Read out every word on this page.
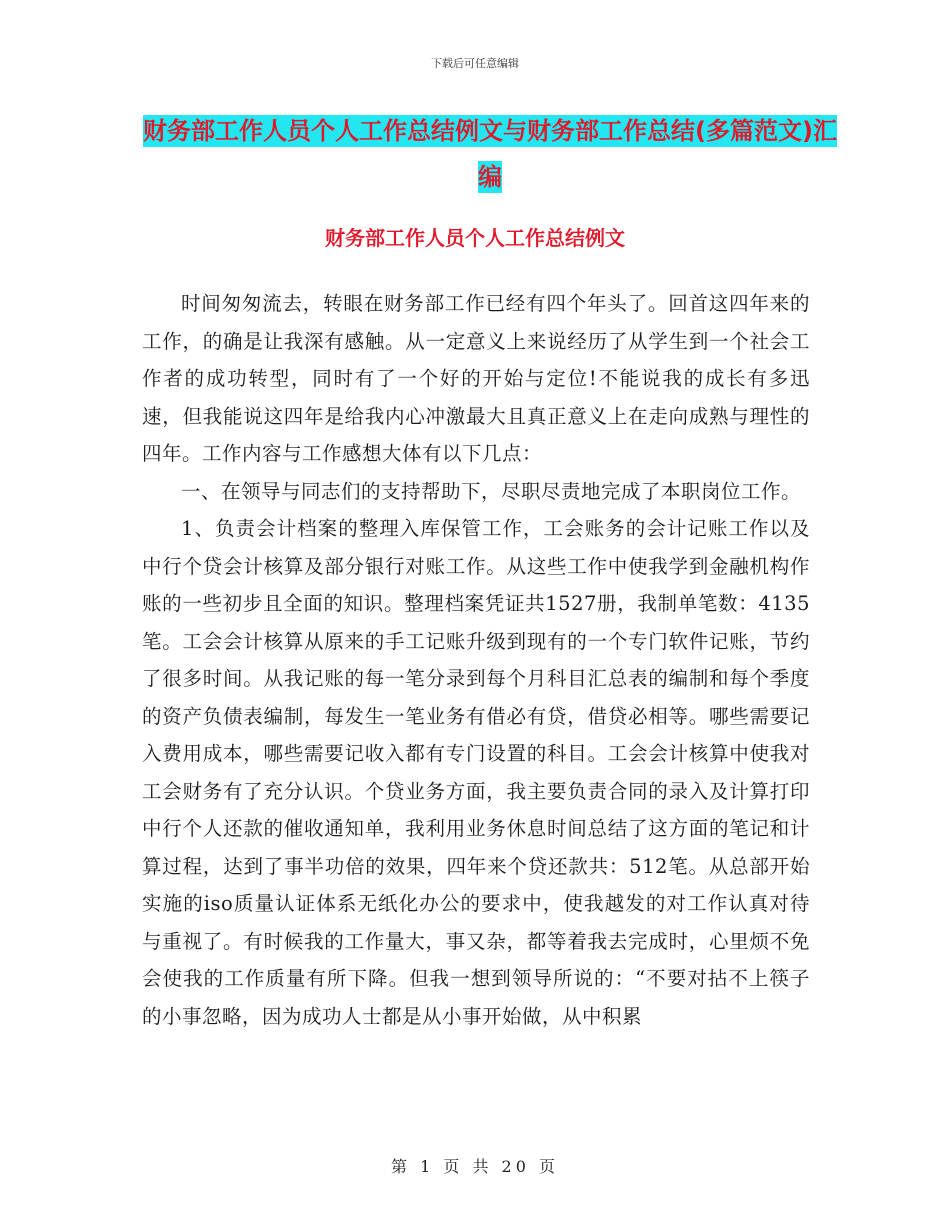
下载后可任意编辑
财务部工作人员个人工作总结例文与财务部工作总结(多篇范文)汇编
财务部工作人员个人工作总结例文

时间匆匆流去，转眼在财务部工作已经有四个年头了。回首这四年来的工作，的确是让我深有感触。从一定意义上来说经历了从学生到一个社会工作者的成功转型，同时有了一个好的开始与定位!不能说我的成长有多迅速，但我能说这四年是给我内心冲激最大且真正意义上在走向成熟与理性的四年。工作内容与工作感想大体有以下几点：

一、在领导与同志们的支持帮助下，尽职尽责地完成了本职岗位工作。

1、负责会计档案的整理入库保管工作，工会账务的会计记账工作以及中行个贷会计核算及部分银行对账工作。从这些工作中使我学到金融机构作账的一些初步且全面的知识。整理档案凭证共1527册，我制单笔数：4135笔。工会会计核算从原来的手工记账升级到现有的一个专门软件记账，节约了很多时间。从我记账的每一笔分录到每个月科目汇总表的编制和每个季度的资产负债表编制，每发生一笔业务有借必有贷，借贷必相等。哪些需要记入费用成本，哪些需要记收入都有专门设置的科目。工会会计核算中使我对工会财务有了充分认识。个贷业务方面，我主要负责合同的录入及计算打印中行个人还款的催收通知单，我利用业务休息时间总结了这方面的笔记和计算过程，达到了事半功倍的效果，四年来个贷还款共：512笔。从总部开始实施的iso质量认证体系无纸化办公的要求中，使我越发的对工作认真对待与重视了。有时候我的工作量大，事又杂，都等着我去完成时，心里烦不免会使我的工作质量有所下降。但我一想到领导所说的：“不要对拈不上筷子的小事忽略，因为成功人士都是从小事开始做，从中积累

第 1 页 共 20 页
